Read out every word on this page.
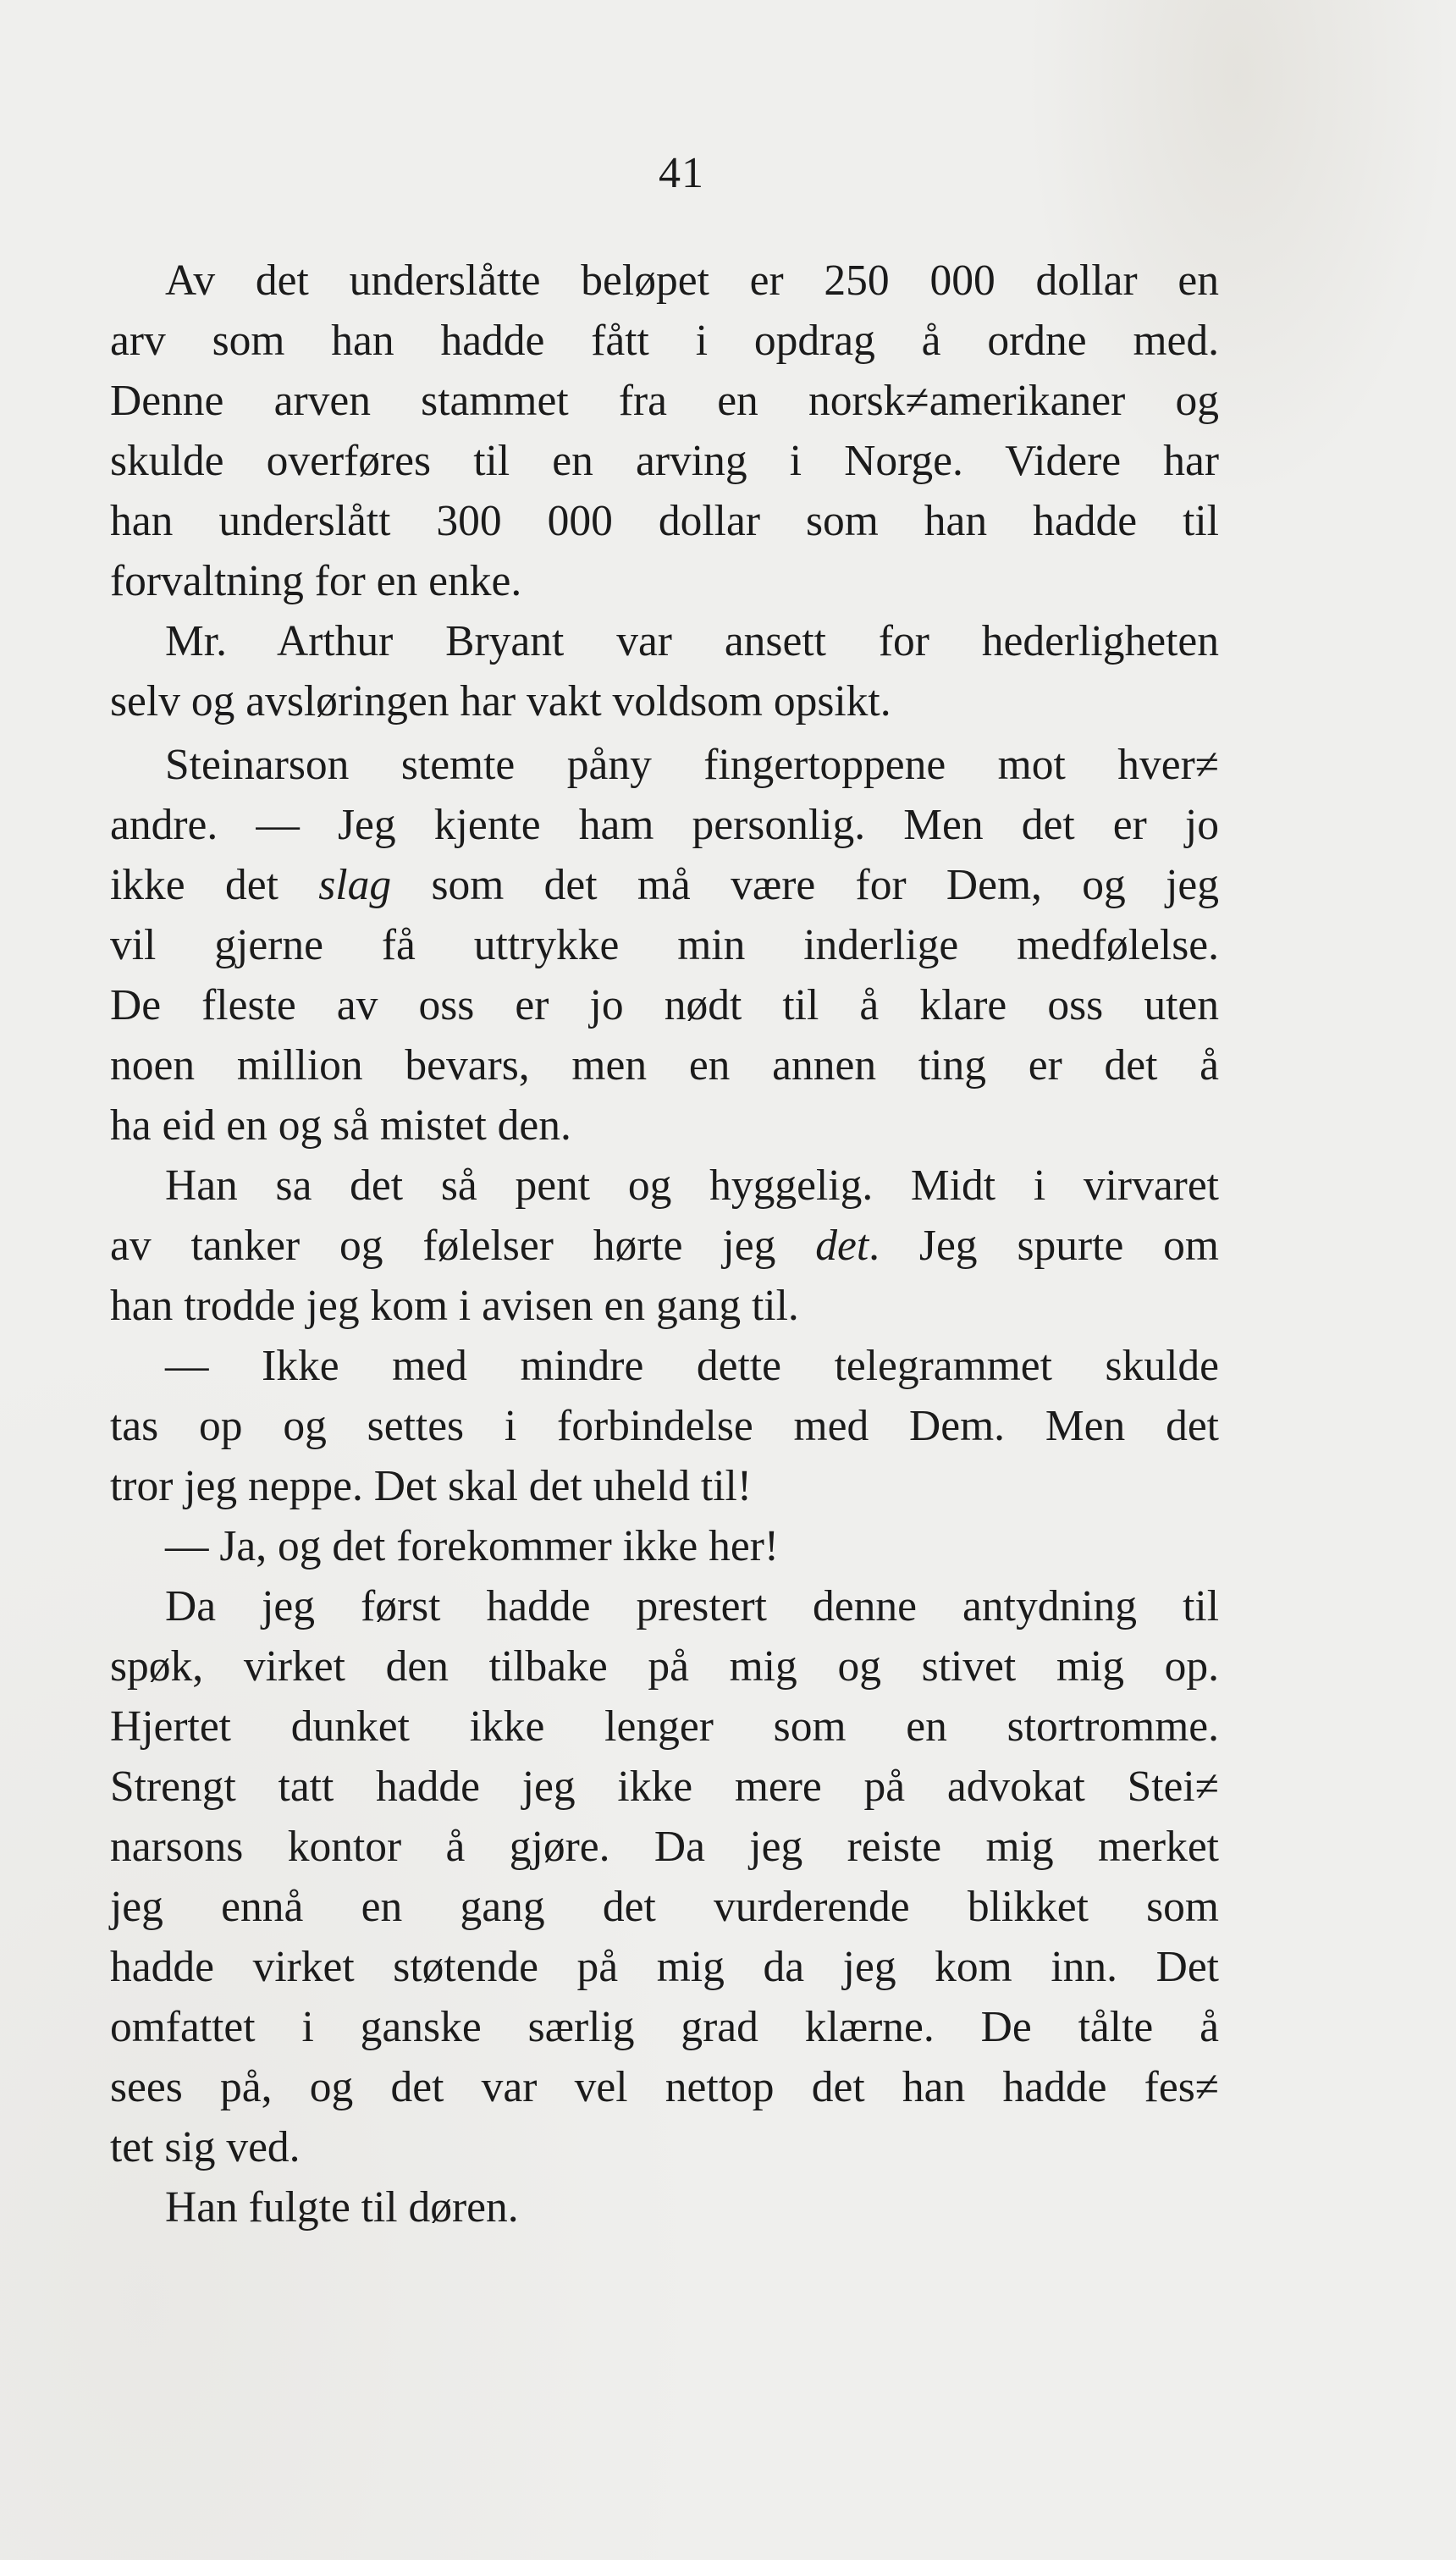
41
Av det underslåtte beløpet er 250 000 dollar en
arv som han hadde fått i opdrag å ordne med.
Denne arven stammet fra en norsk≠amerikaner og
skulde overføres til en arving i Norge. Videre har
han underslått 300 000 dollar som han hadde til
forvaltning for en enke.
Mr. Arthur Bryant var ansett for hederligheten
selv og avsløringen har vakt voldsom opsikt.
Steinarson stemte påny fingertoppene mot hver≠
andre. — Jeg kjente ham personlig. Men det er jo
ikke det slag som det må være for Dem, og jeg
vil gjerne få uttrykke min inderlige medfølelse.
De fleste av oss er jo nødt til å klare oss uten
noen million bevars, men en annen ting er det å
ha eid en og så mistet den.
Han sa det så pent og hyggelig. Midt i virvaret
av tanker og følelser hørte jeg det. Jeg spurte om
han trodde jeg kom i avisen en gang til.
— Ikke med mindre dette telegrammet skulde
tas op og settes i forbindelse med Dem. Men det
tror jeg neppe. Det skal det uheld til!
— Ja, og det forekommer ikke her!
Da jeg først hadde prestert denne antydning til
spøk, virket den tilbake på mig og stivet mig op.
Hjertet dunket ikke lenger som en stortromme.
Strengt tatt hadde jeg ikke mere på advokat Stei≠
narsons kontor å gjøre. Da jeg reiste mig merket
jeg ennå en gang det vurderende blikket som
hadde virket støtende på mig da jeg kom inn. Det
omfattet i ganske særlig grad klærne. De tålte å
sees på, og det var vel nettop det han hadde fes≠
tet sig ved.
Han fulgte til døren.
